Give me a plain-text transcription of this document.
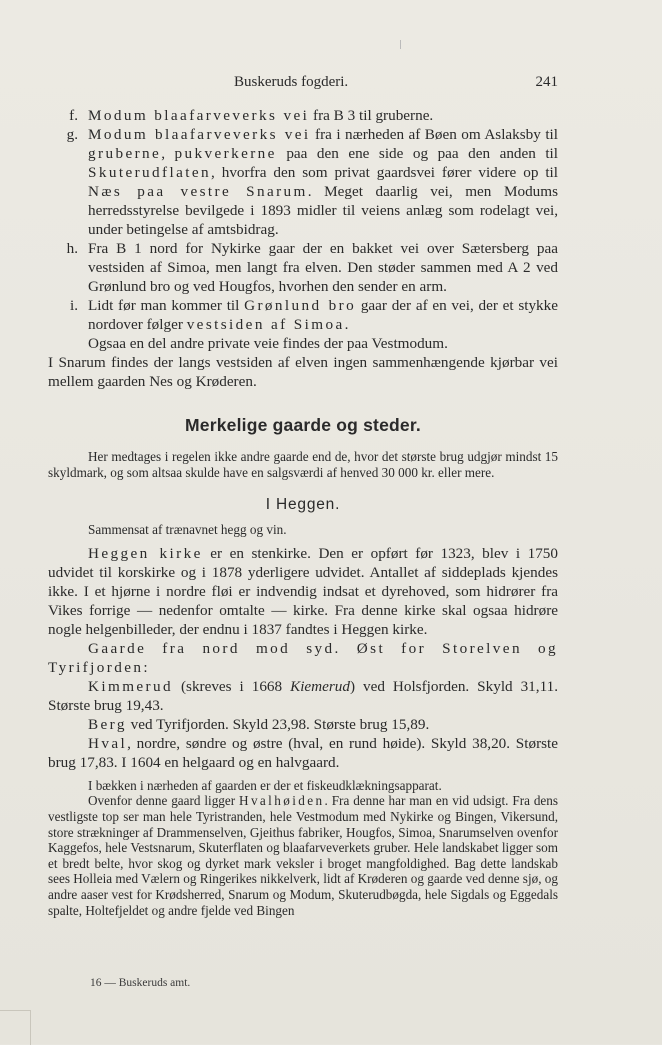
Buskeruds fogderi.	241

f. Modum blaafarveverks vei fra B 3 til gruberne.

g. Modum blaafarveverks vei fra i nærheden af Bøen om Aslaksby til gruberne, pukverkerne paa den ene side og paa den anden til Skuterudflaten, hvorfra den som privat gaardsvei fører videre op til Næs paa vestre Snarum. Meget daarlig vei, men Modums herredsstyrelse bevilgede i 1893 midler til veiens anlæg som rodelagt vei, under betingelse af amtsbidrag.

h. Fra B 1 nord for Nykirke gaar der en bakket vei over Sætersberg paa vestsiden af Simoa, men langt fra elven. Den støder sammen med A 2 ved Grønlund bro og ved Hougfos, hvorhen den sender en arm.

i. Lidt før man kommer til Grønlund bro gaar der af en vei, der et stykke nordover følger vestsiden af Simoa.

Ogsaa en del andre private veie findes der paa Vestmodum.

I Snarum findes der langs vestsiden af elven ingen sammenhængende kjørbar vei mellem gaarden Nes og Krøderen.

Merkelige gaarde og steder.

Her medtages i regelen ikke andre gaarde end de, hvor det største brug udgjør mindst 15 skyldmark, og som altsaa skulde have en salgsværdi af henved 30 000 kr. eller mere.

I Heggen.

Sammensat af trænavnet hegg og vin.

Heggen kirke er en stenkirke. Den er opført før 1323, blev i 1750 udvidet til korskirke og i 1878 yderligere udvidet. Antallet af siddeplads kjendes ikke. I et hjørne i nordre fløi er indvendig indsat et dyrehoved, som hidrører fra Vikes forrige — nedenfor omtalte — kirke. Fra denne kirke skal ogsaa hidrøre nogle helgenbilleder, der endnu i 1837 fandtes i Heggen kirke.

Gaarde fra nord mod syd. Øst for Storelven og Tyrifjorden:

Kimmerud (skreves i 1668 Kiemerud) ved Holsfjorden. Skyld 31,11. Største brug 19,43.

Berg ved Tyrifjorden. Skyld 23,98. Største brug 15,89.

Hval, nordre, søndre og østre (hval, en rund høide). Skyld 38,20. Største brug 17,83. I 1604 en helgaard og en halvgaard.

I bækken i nærheden af gaarden er der et fiskeudklækningsapparat.

Ovenfor denne gaard ligger Hvalhøiden. Fra denne har man en vid udsigt. Fra dens vestligste top ser man hele Tyristranden, hele Vestmodum med Nykirke og Bingen, Vikersund, store strækninger af Drammenselven, Gjeithus fabriker, Hougfos, Simoa, Snarumselven ovenfor Kaggefos, hele Vestsnarum, Skuterflaten og blaafarveverkets gruber. Hele landskabet ligger som et bredt belte, hvor skog og dyrket mark veksler i broget mangfoldighed. Bag dette landskab sees Holleia med Vælern og Ringerikes nikkelverk, lidt af Krøderen og gaarde ved denne sjø, og andre aaser vest for Krødsherred, Snarum og Modum, Skuterudbøgda, hele Sigdals og Eggedals spalte, Holtefjeldet og andre fjelde ved Bingen

16 — Buskeruds amt.
